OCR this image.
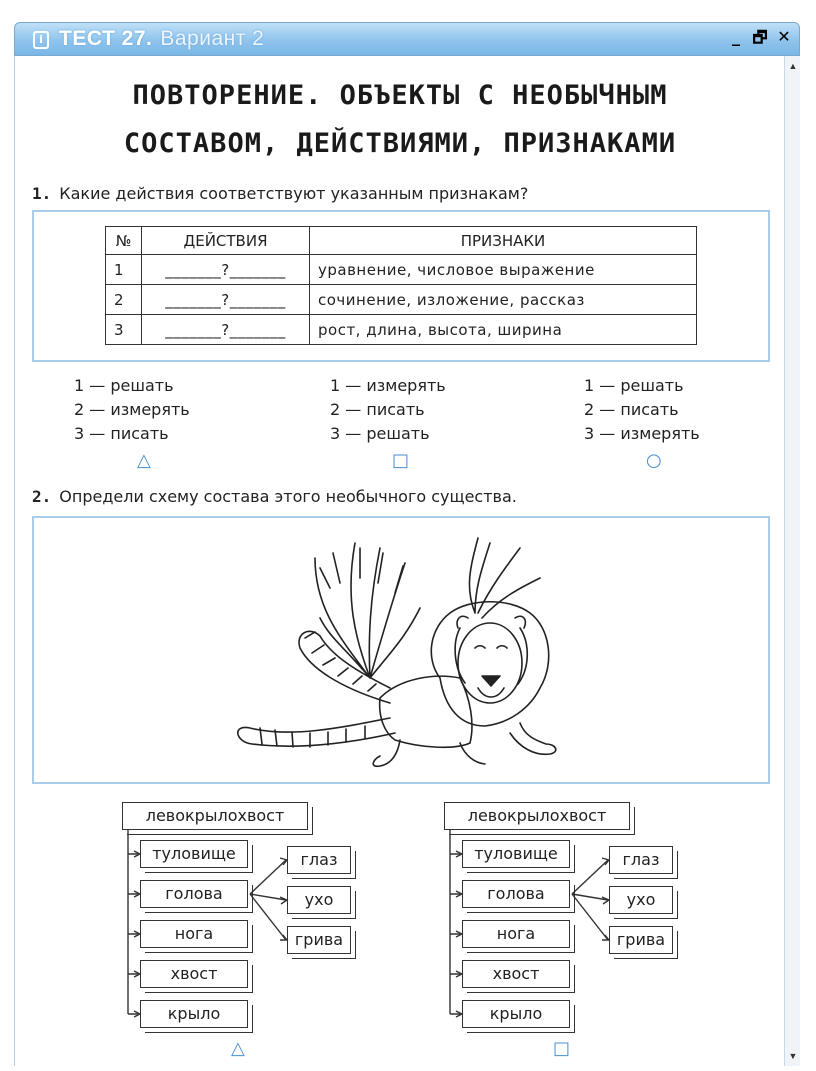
i ТЕСТ 27. Вариант 2	_ 🗗 ✕
▲
▼
ПОВТОРЕНИЕ. ОБЪЕКТЫ С НЕОБЫЧНЫМ
СОСТАВОМ, ДЕЙСТВИЯМИ, ПРИЗНАКАМИ
1. Какие действия соответствуют указанным признакам?
№	ДЕЙСТВИЯ	ПРИЗНАКИ
1	_______?_______	уравнение, числовое выражение
2	_______?_______	сочинение, изложение, рассказ
3	_______?_______	рост, длина, высота, ширина
1 — решать
2 — измерять
3 — писать
△
1 — измерять
2 — писать
3 — решать
□
1 — решать
2 — писать
3 — измерять
○
2. Определи схему состава этого необычного существа.
левокрылохвост
туловище
голова
нога
хвост
крыло
глаз
ухо
грива
△
левокрылохвост
туловище
голова
нога
хвост
крыло
глаз
ухо
грива
□
